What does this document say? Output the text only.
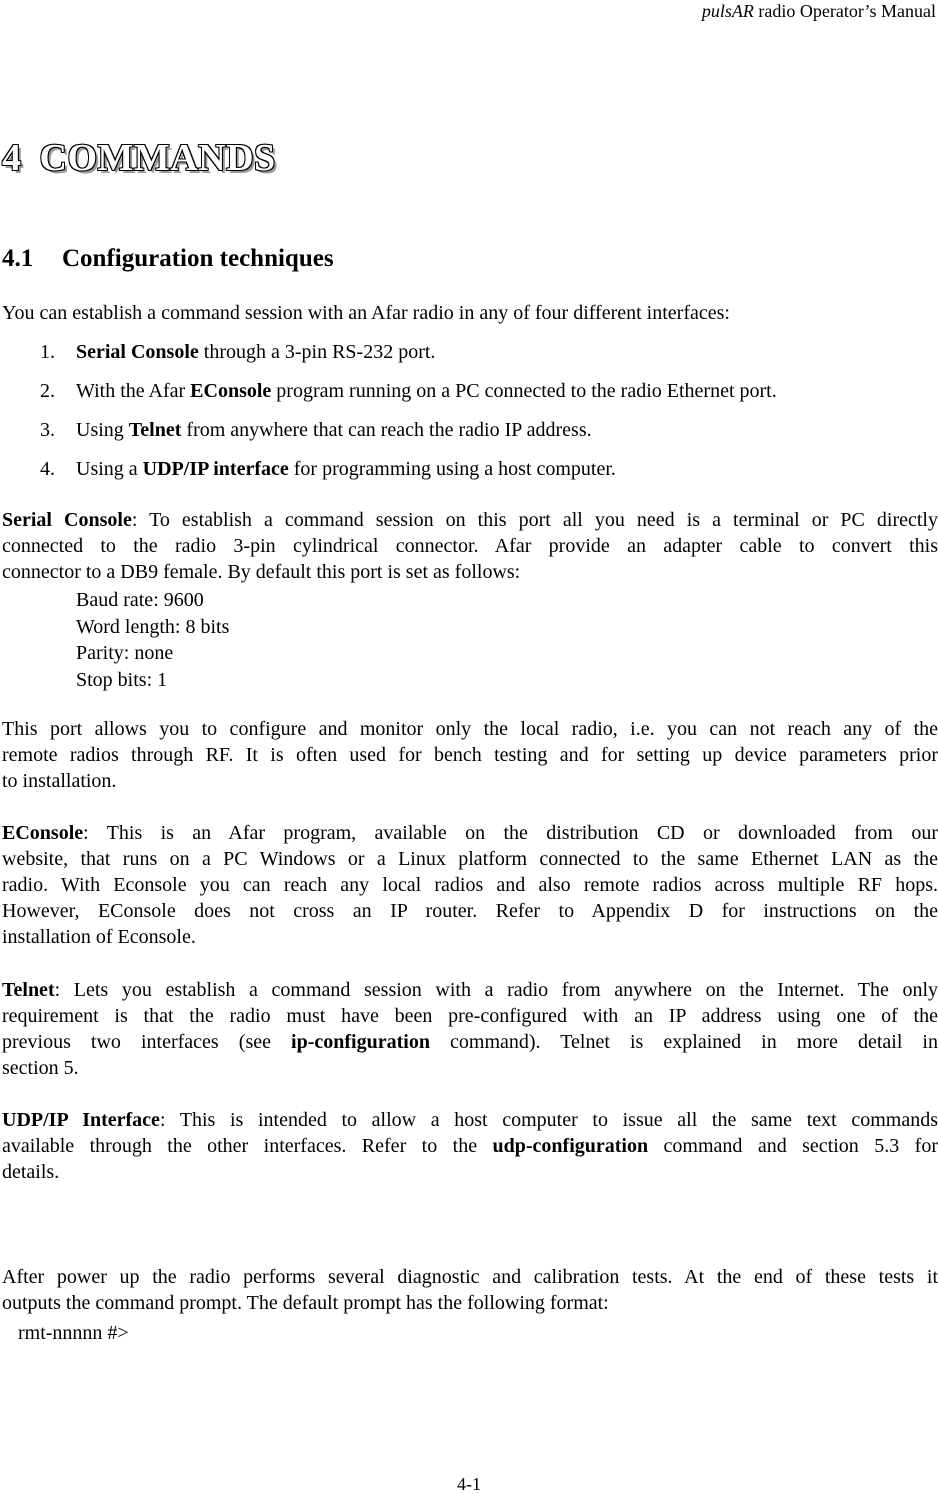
pulsAR radio Operator’s Manual
4 COMMANDS
4.1 Configuration techniques

You can establish a command session with an Afar radio in any of four different interfaces:

1. Serial Console through a 3-pin RS-232 port.
2. With the Afar EConsole program running on a PC connected to the radio Ethernet port.
3. Using Telnet from anywhere that can reach the radio IP address.
4. Using a UDP/IP interface for programming using a host computer.
Serial Console: To establish a command session on this port all you need is a terminal or PC directly
connected to the radio 3-pin cylindrical connector. Afar provide an adapter cable to convert this
connector to a DB9 female. By default this port is set as follows:
Baud rate: 9600
Word length: 8 bits
Parity: none
Stop bits: 1
This port allows you to configure and monitor only the local radio, i.e. you can not reach any of the
remote radios through RF. It is often used for bench testing and for setting up device parameters prior
to installation.
EConsole: This is an Afar program, available on the distribution CD or downloaded from our
website, that runs on a PC Windows or a Linux platform connected to the same Ethernet LAN as the
radio. With Econsole you can reach any local radios and also remote radios across multiple RF hops.
However, EConsole does not cross an IP router. Refer to Appendix D for instructions on the
installation of Econsole.
Telnet: Lets you establish a command session with a radio from anywhere on the Internet. The only
requirement is that the radio must have been pre-configured with an IP address using one of the
previous two interfaces (see ip-configuration command). Telnet is explained in more detail in
section 5.
UDP/IP Interface: This is intended to allow a host computer to issue all the same text commands
available through the other interfaces. Refer to the udp-configuration command and section 5.3 for
details.
After power up the radio performs several diagnostic and calibration tests. At the end of these tests it
outputs the command prompt. The default prompt has the following format:
rmt-nnnnn #>
4-1
